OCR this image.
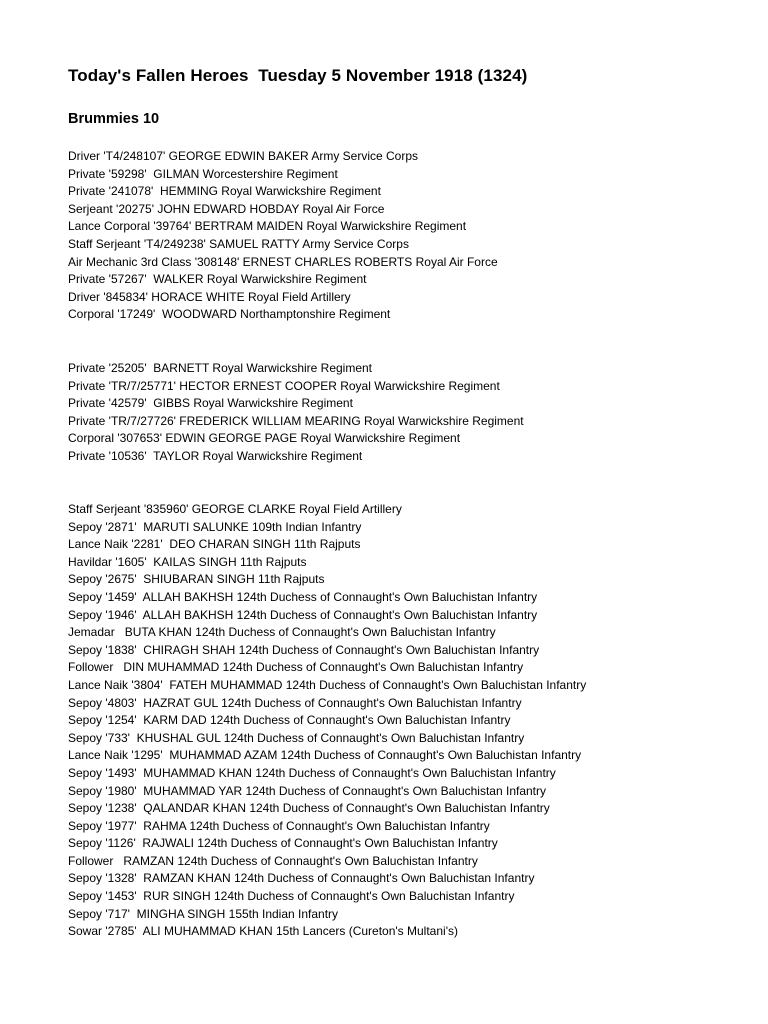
Today's Fallen Heroes  Tuesday 5 November 1918 (1324)
Brummies 10
Driver 'T4/248107' GEORGE EDWIN BAKER Army Service Corps
Private '59298'  GILMAN Worcestershire Regiment
Private '241078'  HEMMING Royal Warwickshire Regiment
Serjeant '20275' JOHN EDWARD HOBDAY Royal Air Force
Lance Corporal '39764' BERTRAM MAIDEN Royal Warwickshire Regiment
Staff Serjeant 'T4/249238' SAMUEL RATTY Army Service Corps
Air Mechanic 3rd Class '308148' ERNEST CHARLES ROBERTS Royal Air Force
Private '57267'  WALKER Royal Warwickshire Regiment
Driver '845834' HORACE WHITE Royal Field Artillery
Corporal '17249'  WOODWARD Northamptonshire Regiment
Private '25205'  BARNETT Royal Warwickshire Regiment
Private 'TR/7/25771' HECTOR ERNEST COOPER Royal Warwickshire Regiment
Private '42579'  GIBBS Royal Warwickshire Regiment
Private 'TR/7/27726' FREDERICK WILLIAM MEARING Royal Warwickshire Regiment
Corporal '307653' EDWIN GEORGE PAGE Royal Warwickshire Regiment
Private '10536'  TAYLOR Royal Warwickshire Regiment
Staff Serjeant '835960' GEORGE CLARKE Royal Field Artillery
Sepoy '2871'  MARUTI SALUNKE 109th Indian Infantry
Lance Naik '2281'  DEO CHARAN SINGH 11th Rajputs
Havildar '1605'  KAILAS SINGH 11th Rajputs
Sepoy '2675'  SHIUBARAN SINGH 11th Rajputs
Sepoy '1459'  ALLAH BAKHSH 124th Duchess of Connaught's Own Baluchistan Infantry
Sepoy '1946'  ALLAH BAKHSH 124th Duchess of Connaught's Own Baluchistan Infantry
Jemadar   BUTA KHAN 124th Duchess of Connaught's Own Baluchistan Infantry
Sepoy '1838'  CHIRAGH SHAH 124th Duchess of Connaught's Own Baluchistan Infantry
Follower   DIN MUHAMMAD 124th Duchess of Connaught's Own Baluchistan Infantry
Lance Naik '3804'  FATEH MUHAMMAD 124th Duchess of Connaught's Own Baluchistan Infantry
Sepoy '4803'  HAZRAT GUL 124th Duchess of Connaught's Own Baluchistan Infantry
Sepoy '1254'  KARM DAD 124th Duchess of Connaught's Own Baluchistan Infantry
Sepoy '733'  KHUSHAL GUL 124th Duchess of Connaught's Own Baluchistan Infantry
Lance Naik '1295'  MUHAMMAD AZAM 124th Duchess of Connaught's Own Baluchistan Infantry
Sepoy '1493'  MUHAMMAD KHAN 124th Duchess of Connaught's Own Baluchistan Infantry
Sepoy '1980'  MUHAMMAD YAR 124th Duchess of Connaught's Own Baluchistan Infantry
Sepoy '1238'  QALANDAR KHAN 124th Duchess of Connaught's Own Baluchistan Infantry
Sepoy '1977'  RAHMA 124th Duchess of Connaught's Own Baluchistan Infantry
Sepoy '1126'  RAJWALI 124th Duchess of Connaught's Own Baluchistan Infantry
Follower   RAMZAN 124th Duchess of Connaught's Own Baluchistan Infantry
Sepoy '1328'  RAMZAN KHAN 124th Duchess of Connaught's Own Baluchistan Infantry
Sepoy '1453'  RUR SINGH 124th Duchess of Connaught's Own Baluchistan Infantry
Sepoy '717'  MINGHA SINGH 155th Indian Infantry
Sowar '2785'  ALI MUHAMMAD KHAN 15th Lancers (Cureton's Multani's)
